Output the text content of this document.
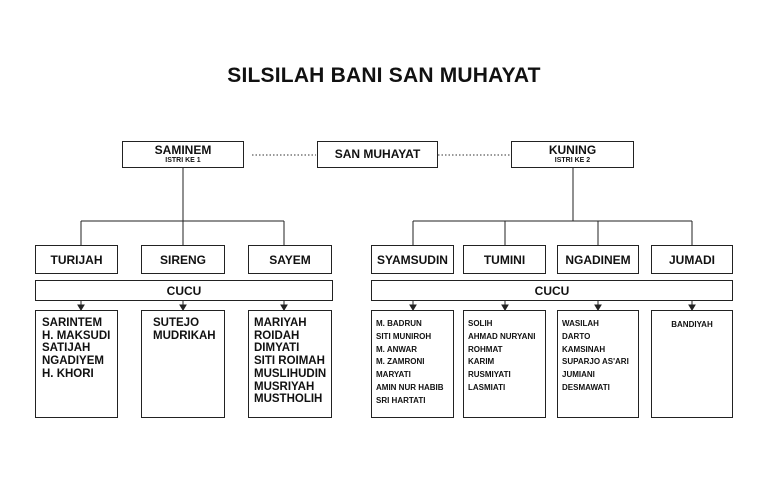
SILSILAH BANI SAN MUHAYAT
SAMINEM
ISTRI KE 1	SAN MUHAYAT	KUNING
ISTRI KE 2
TURIJAH	SIRENG	SAYEM	SYAMSUDIN	TUMINI	NGADINEM	JUMADI
CUCU	CUCU
SARINTEM
H. MAKSUDI
SATIJAH
NGADIYEM
H. KHORI
SUTEJO
MUDRIKAH
MARIYAH
ROIDAH
DIMYATI
SITI ROIMAH
MUSLIHUDIN
MUSRIYAH
MUSTHOLIH
M. BADRUN
SITI MUNIROH
M. ANWAR
M. ZAMRONI
MARYATI
AMIN NUR HABIB
SRI HARTATI
SOLIH
AHMAD NURYANI
ROHMAT
KARIM
RUSMIYATI
LASMIATI
WASILAH
DARTO
KAMSINAH
SUPARJO AS'ARI
JUMIANI
DESMAWATI
BANDIYAH
